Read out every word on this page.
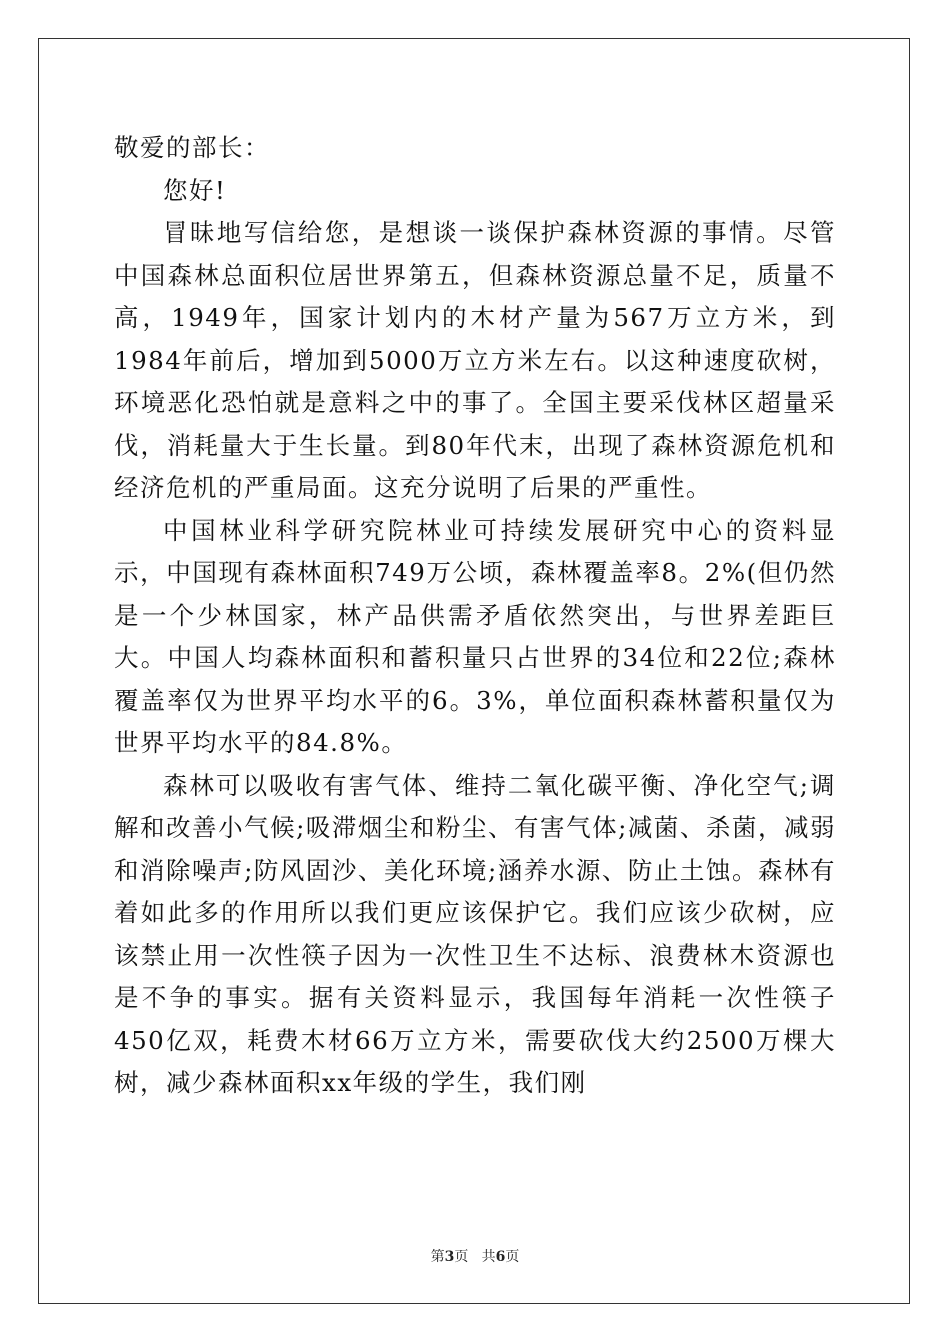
敬爱的部长：

您好!

冒昧地写信给您，是想谈一谈保护森林资源的事情。尽管中国森林总面积位居世界第五，但森林资源总量不足，质量不高，1949年，国家计划内的木材产量为567万立方米，到1984年前后，增加到5000万立方米左右。以这种速度砍树，环境恶化恐怕就是意料之中的事了。全国主要采伐林区超量采伐，消耗量大于生长量。到80年代末，出现了森林资源危机和经济危机的严重局面。这充分说明了后果的严重性。

中国林业科学研究院林业可持续发展研究中心的资料显示，中国现有森林面积749万公顷，森林覆盖率8。2%(但仍然是一个少林国家，林产品供需矛盾依然突出，与世界差距巨大。中国人均森林面积和蓄积量只占世界的34位和22位;森林覆盖率仅为世界平均水平的6。3%，单位面积森林蓄积量仅为世界平均水平的84.8%。

森林可以吸收有害气体、维持二氧化碳平衡、净化空气;调解和改善小气候;吸滞烟尘和粉尘、有害气体;减菌、杀菌，减弱和消除噪声;防风固沙、美化环境;涵养水源、防止土蚀。森林有着如此多的作用所以我们更应该保护它。我们应该少砍树，应该禁止用一次性筷子因为一次性卫生不达标、浪费林木资源也是不争的事实。据有关资料显示，我国每年消耗一次性筷子450亿双，耗费木材66万立方米，需要砍伐大约2500万棵大树，减少森林面积xx年级的学生，我们刚

第3页 共6页
